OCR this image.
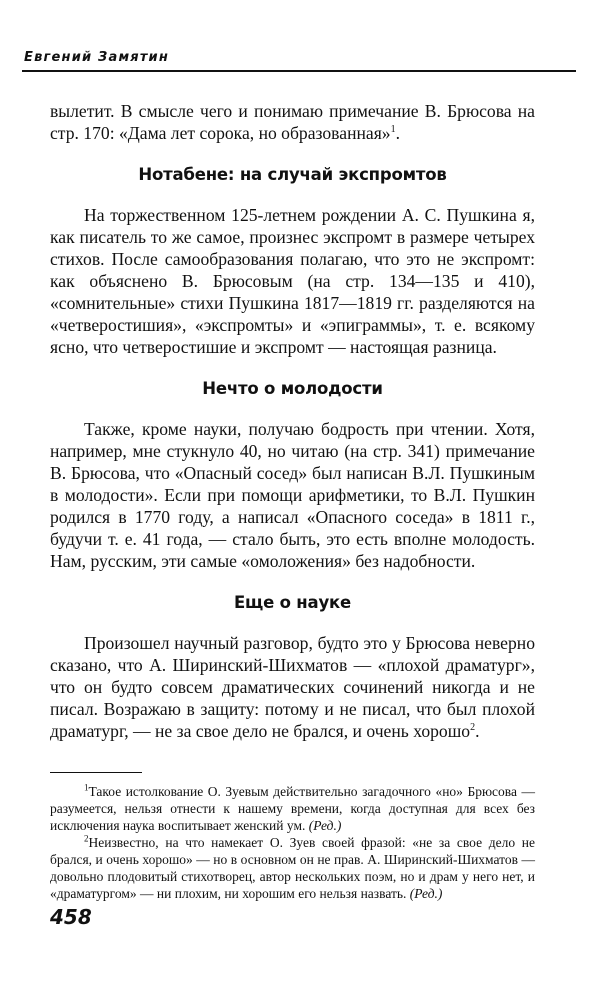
Евгений Замятин

вылетит. В смысле чего и понимаю примечание В. Брюсова на стр. 170: «Дама лет сорока, но образованная»$^1$.

Нотабене: на случай экспромтов

На торжественном 125-летнем рождении А. С. Пушкина я, как писатель то же самое, произнес экспромт в размере четырех стихов. После самообразования полагаю, что это не экспромт: как объяснено В. Брюсовым (на стр. 134—135 и 410), «сомнительные» стихи Пушкина 1817—1819 гг. разделяются на «четверостишия», «экспромты» и «эпиграммы», т. е. всякому ясно, что четверостишие и экспромт — настоящая разница.

Нечто о молодости

Также, кроме науки, получаю бодрость при чтении. Хотя, например, мне стукнуло 40, но читаю (на стр. 341) примечание В. Брюсова, что «Опасный сосед» был написан В.Л. Пушкиным в молодости». Если при помощи арифметики, то В.Л. Пушкин родился в 1770 году, а написал «Опасного соседа» в 1811 г., будучи т. е. 41 года, — стало быть, это есть вполне молодость. Нам, русским, эти самые «омоложения» без надобности.

Еще о науке

Произошел научный разговор, будто это у Брюсова неверно сказано, что А. Ширинский-Шихматов — «плохой драматург», что он будто совсем драматических сочинений никогда и не писал. Возражаю в защиту: потому и не писал, что был плохой драматург, — не за свое дело не брался, и очень хорошо$^2$.

$^1$Такое истолкование О. Зуевым действительно загадочного «но» Брюсова — разумеется, нельзя отнести к нашему времени, когда доступная для всех без исключения наука воспитывает женский ум. (Ред.)

$^2$Неизвестно, на что намекает О. Зуев своей фразой: «не за свое дело не брался, и очень хорошо» — но в основном он не прав. А. Ширинский-Шихматов — довольно плодовитый стихотворец, автор нескольких поэм, но и драм у него нет, и «драматургом» — ни плохим, ни хорошим его нельзя назвать. (Ред.)

458
